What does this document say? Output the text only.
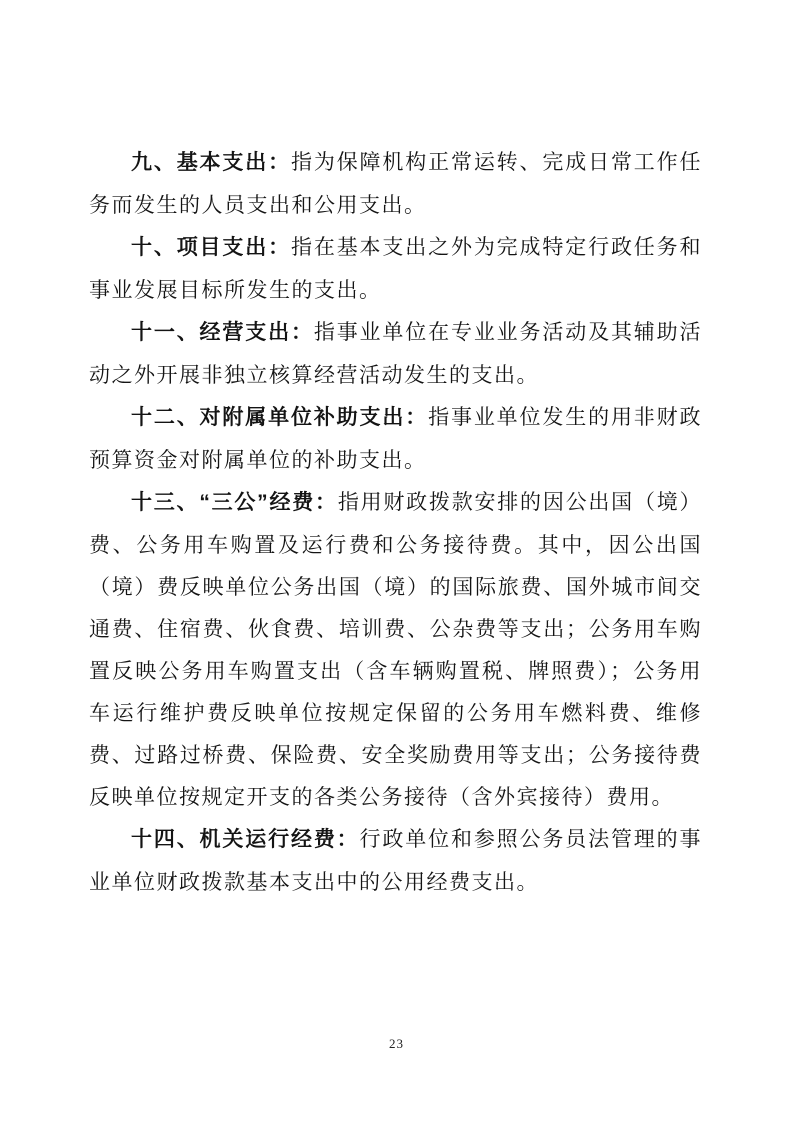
九、基本支出：指为保障机构正常运转、完成日常工作任务而发生的人员支出和公用支出。

十、项目支出：指在基本支出之外为完成特定行政任务和事业发展目标所发生的支出。

十一、经营支出：指事业单位在专业业务活动及其辅助活动之外开展非独立核算经营活动发生的支出。

十二、对附属单位补助支出：指事业单位发生的用非财政预算资金对附属单位的补助支出。

十三、“三公”经费：指用财政拨款安排的因公出国（境）费、公务用车购置及运行费和公务接待费。其中，因公出国（境）费反映单位公务出国（境）的国际旅费、国外城市间交通费、住宿费、伙食费、培训费、公杂费等支出；公务用车购置反映公务用车购置支出（含车辆购置税、牌照费）；公务用车运行维护费反映单位按规定保留的公务用车燃料费、维修费、过路过桥费、保险费、安全奖励费用等支出；公务接待费反映单位按规定开支的各类公务接待（含外宾接待）费用。

十四、机关运行经费：行政单位和参照公务员法管理的事业单位财政拨款基本支出中的公用经费支出。

23
